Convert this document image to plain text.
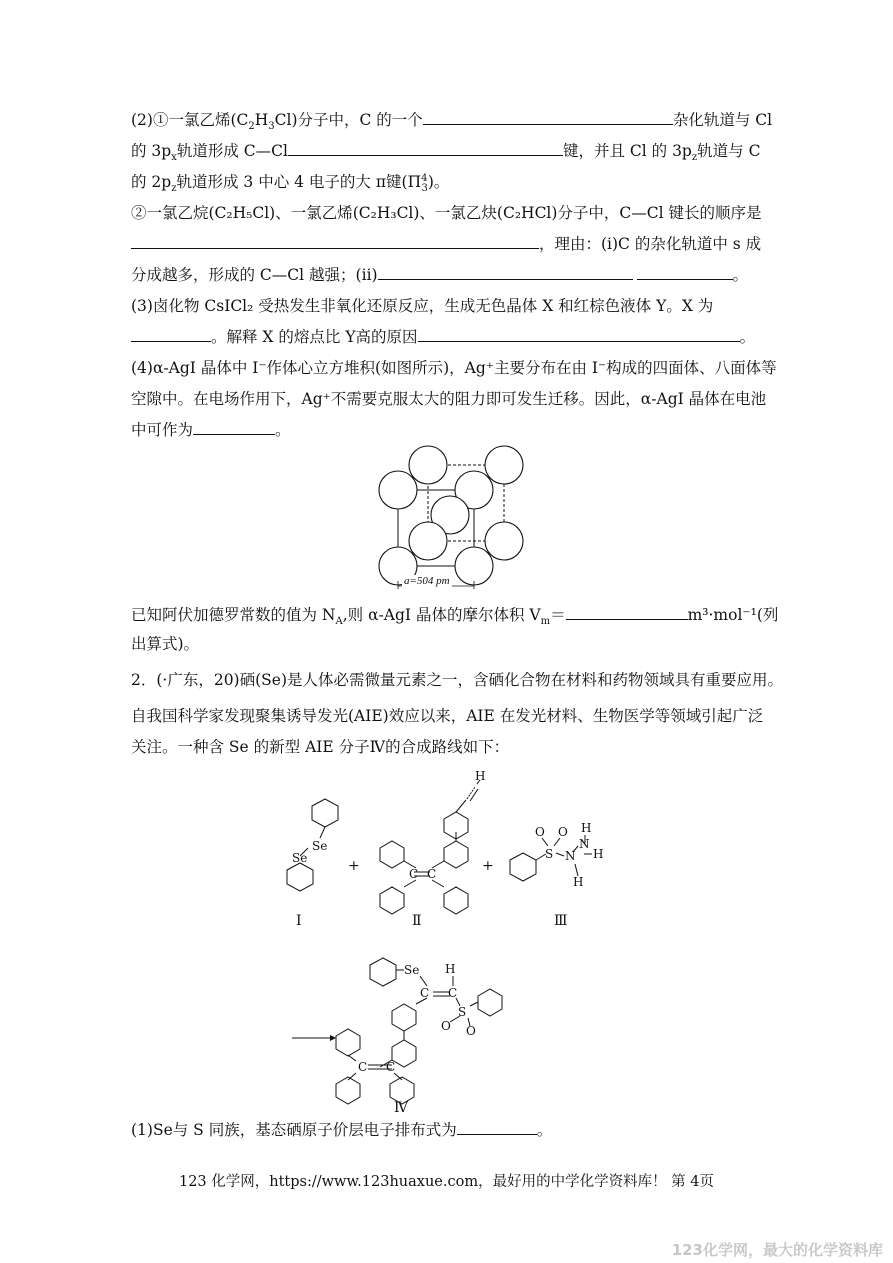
(2)①一氯乙烯$(C_2H_3Cl)$分子中，C 的一个	杂化轨道与 Cl
的 $3p_x$轨道形成 C—Cl	键，并且 Cl 的 $3p_z$轨道与 C
的 $2p_z$轨道形成 3 中心 4 电子的大 π键$(\Pi^4_3)$。
②一氯乙烷(C₂H₅Cl)、一氯乙烯(C₂H₃Cl)、一氯乙炔(C₂HCl)分子中，C—Cl 键长的顺序是
，理由：(ⅰ)C 的杂化轨道中 s 成
分成越多，形成的 C—Cl 越强；(ⅱ)	。
(3)卤化物 CsICl₂ 受热发生非氧化还原反应，生成无色晶体 X 和红棕色液体 Y。X 为
。解释 X 的熔点比 Y高的原因	。
(4)α-AgI 晶体中 I⁻作体心立方堆积(如图所示)，Ag⁺主要分布在由 I⁻构成的四面体、八面体等
空隙中。在电场作用下，Ag⁺不需要克服太大的阻力即可发生迁移。因此，α-AgI 晶体在电池
中可作为	。
a=504 pm
已知阿伏加德罗常数的值为 $N_A$,则 α-AgI 晶体的摩尔体积 $V_m=$	m³·mol⁻¹(列
出算式)。
2．(·广东，20)硒(Se)是人体必需微量元素之一，含硒化合物在材料和药物领域具有重要应用。
自我国科学家发现聚集诱导发光(AIE)效应以来，AIE 在发光材料、生物医学等领域引起广泛
关注。一种含 Se 的新型 AIE 分子Ⅳ的合成路线如下：
Se
Se
C C
H
S
O O
N
N
H
H
H
Se H
C C
S
O O
C C
+	+
Ⅰ	Ⅱ	Ⅲ
Ⅳ
(1)Se与 S 同族，基态硒原子价层电子排布式为	。
123 化学网，https://www.123huaxue.com，最好用的中学化学资料库！ 第 4页
123化学网，最大的化学资料库
